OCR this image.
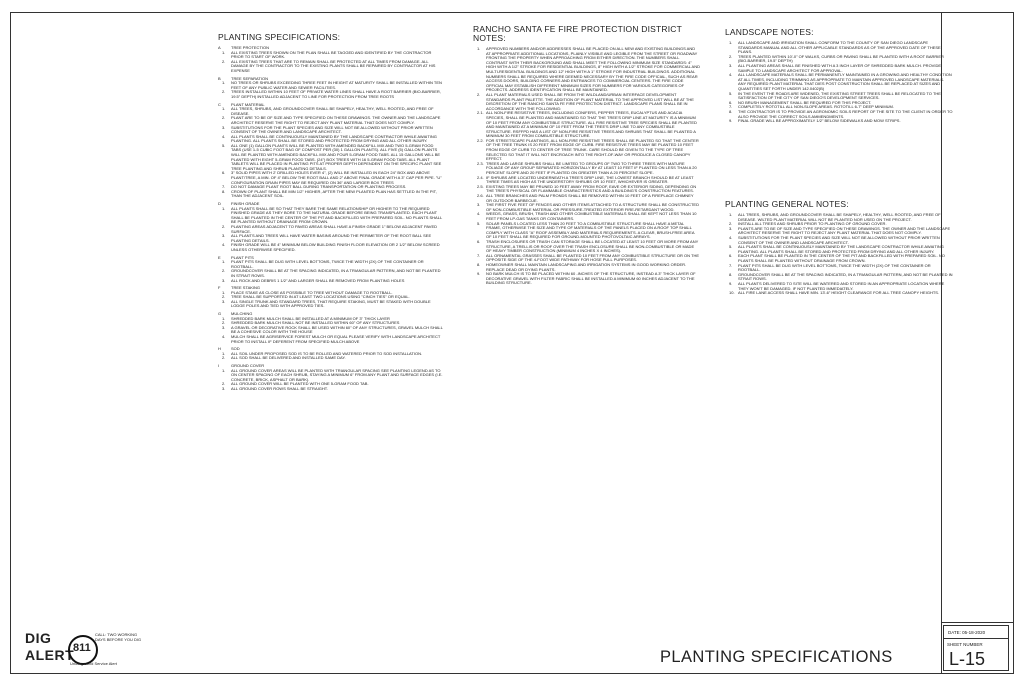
PLANTING SPECIFICATIONS:
A	TREE PROTECTION
1. ALL EXISTING TREES SHOWN ON THE PLAN SHALL BE TAGGED AND IDENTIFIED BY THE CONTRACTOR PRIOR TO START OF WORK.
2. ALL EXISTING TREES THAT ARE TO REMAIN SHALL BE PROTECTED AT ALL TIMES FROM DAMAGE. ALL DAMAGE BY THE CONTRACTOR TO THE EXISTING PLANTS SHALL BE REPAIRED BY CONTRACTOR AT HIS EXPENSE
B	TREE SEPARATION
1. NO TREES OR SHRUBS EXCEEDING THREE FEET IN HEIGHT AT MATURITY SHALL BE INSTALLED WITHIN TEN FEET OF ANY PUBLIC WATER AND SEWER FACILITIES.
2. TREES INSTALLED WITHIN 10 FEET OF PRIVATE WATER LINES SHALL HAVE A ROOT BARRIER (BIO-BARRIER, 19.5" DEPTH) INSTALLED ADJACENT TO LINE FOR PROTECTION FROM TREE ROOTS
C	PLANT MATERIAL
1. ALL TREES, SHRUBS, AND GROUNDCOVER SHALL BE SHAPELY, HEALTHY, WELL ROOTED, AND FREE OF DISEASE.
2. PLANT ARE TO BE OF SIZE AND TYPE SPECIFIED ON THESE DRAWINGS. THE OWNER AND THE LANDSCAPE ARCHITECT RESERVE THE RIGHT TO REJECT ANY PLANT MATERIAL THAT DOES NOT COMPLY.
3. SUBSTITUTIONS FOR THE PLANT SPECIES AND SIZE WILL NOT BE ALLOWED WITHOUT PRIOR WRITTEN CONSENT OF THE OWNER AND LANDSCAPE ARCHITECT.
4. ALL PLANTS SHALL BE CONTINUOUSLY MAINTAINED BY THE LANDSCAPE CONTRACTOR WHILE AWAITING PLANTING. ALL PLANTS SHALL BE STORED AND PROTECTED FROM DRYING AND ALL OTHER INJURY.
5. ALL ONE (1) GALLON PLANTS WILL BE PLANTED WITH AMENDED BACKFILL MIX AND TWO 5-GRAM FOOD TABS (USE 1-5 CUBIC FOOT BAG OF COMPOST PER (30) 1 GALLON PLANTS). ALL FIVE (5) GALLON PLANTS WILL BE PLANTED WITH AMENDED BACKFILL MIX AND FOUR 5-GRAM FOOD TABS. ALL 15 GALLONS WILL BE PLANTED WITH EIGHT 5-GRAM FOOD TABS. (24") BOX TREES WITH 16 5-GRAM FOOD TABS. ALL PLANT TABLETS WILL BE PLACED IN PLANTING PITS AT PROPER DEPTH DEPENDENT ON THE SPECIFIC PLANT SEE TREE PLANTING AND SHRUB PLANTING DETAILS.
6. 3" SOLID PIPES WITH 2' DRILLED HOLES EVER 4", (2) WILL BE INSTALLED IN EACH 24" BOX AND ABOVE PLANT/TREE, A MIN. OF 4" BELOW THE ROOT BALL AND 2" ABOVE FINAL GRADE WITH A 3" CAP PER PIPE. "U" CONFIGURATION DRAIN PIPES MAY BE REQUIRED ON 36" AND LARGER BOX TREES
7. DO NOT DAMAGE PLANT ROOT BALL DURING TRANSPORTATION OR PLANTING PROCESS.
8. CROWN OF PLANT SHALL BE MIN 1/2" HIGHER, AFTER THE NEW PLANTED PLAN HAS SETTLED IN THE PIT, THAN THE ADJACENT SOIL.
D	FINISH GRADE
1. ALL PLANTS SHALL BE SO THAT THEY BARE THE SAME RELATIONSHIP OR HIGHER TO THE REQUIRED FINISHED GRADE AS THEY BORE TO THE NATURAL GRADE BEFORE BEING TRANSPLANTED. EACH PLANT SHALL BE PLANTED IN THE CENTER OF THE PIT AND BACKFILLED WITH PREPARED SOIL. NO PLANTS SHALL BE PLANTED WITHOUT DRAINAGE FROM CROWN.
2. PLANTING AREAS ADJACENT TO PAVED AREAS SHALL HAVE A FINISH GRADE 1" BELOW ADJACENT PAVED SURFACE.
3. ALL PLANTS AND TREES WILL HAVE WATER BASINS AROUND THE PERIMETER OF THE ROOT BALL SEE PLANTING DETAILS.
4. FINISH GRADE WILL BE 4" MINIMUM BELOW BUILDING FINISH FLOOR ELEVATION OR 2 1/2" BELOW SCREED UNLESS OTHERWISE SPECIFIED.
E	PLANT PITS
1. PLANT PITS SHALL BE DUG WITH LEVEL BOTTOMS, TWICE THE WIDTH (2X) OF THE CONTAINER OR ROOTBALL.
2. GROUNDCOVER SHALL BE AT THE SPACING INDICATED, IN A TRIANGULAR PATTERN, AND NOT BE PLANTED IN STRAIT ROWS.
3. ALL ROCK AND DEBRIS 1 1/2" AND LARGER SHALL BE REMOVED FROM PLANTING HOLES
F	TREE STAKING
1. PLACE STAKE AS CLOSE AS POSSIBLE TO TREE WITHOUT DAMAGE TO ROOTBALL.
2. TREE SHALL BE SUPPORTED IN AT LEAST TWO LOCATIONS USING "CINCH TIES" OR EQUAL.
3. ALL SINGLE TRUNK AND STANDARD TREES, THAT REQUIRE STAKING, MUST BE STAKED WITH DOUBLE LODGE POLES AND TIED WITH APPROVED TIES.
G MULCHING
1. SHREDDED BARK MULCH SHALL BE INSTALLED AT A MINIMUM OF 3" THICK LAYER
2. SHREDDED BARK MULCH SHALL NOT BE INSTALLED WITHIN 60" OF ANY STRUCTURES
3. A GRAVEL OR DECORATIVE ROCK SHALL BE USED WITHIN 60" OF ANY STRUCTURES, GRAVEL MULCH SHALL BE A COHESIVE COLOR WITH THE HOUSE
4. MULCH SHALL BE AGRISERVICE FOREST MULCH OR EQUAL PLEASE VERIFY WITH LANDSCAPE ARCHITECT PRIOR TO INSTALL IF DEFERENT FROM SPECIFIED MULCH ABOVE
H	SOD
1. ALL SOIL UNDER PROPOSED SOD IS TO BE ROLLED AND WATERED PRIOR TO SOD INSTALLATION.
2. ALL SOD SHALL BE DELIVERED AND INSTALLED SAME DAY.
I	GROUND COVER
1. ALL GROUND COVER AREAS WILL BE PLANTED WITH TRIANGULAR SPACING SEE PLANTING LEGEND AS TO ON CENTER SPACING OF EACH SHRUB, STAYING A MINIMUM 6" FROM ANY PLANT AND SURFACE EDGES (I.E. CONCRETE, BRICK, ASPHALT OR BARK).
2. ALL GROUND COVER WILL BE PLANTED WITH ONE 5-GRAM FOOD TAB.
3. ALL GROUND COVER ROWS SHALL BE STRAIGHT.
RANCHO SANTA FE FIRE PROTECTION DISTRICT
NOTES:
1. APPROVED NUMBERS AND/OR ADDRESSES SHALL BE PLACED ON ALL NEW AND EXISTING BUILDINGS AND AT APPROPRIATE ADDITIONAL LOCATIONS, PLAINLY VISIBLE AND LEGIBLE FROM THE STREET OR ROADWAY FRONTING THE PROPERTY WHEN APPROACHING FROM EITHER DIRECTION. THE NUMBERS SHALL CONTRAST WITH THEIR BACKGROUND AND SHALL MEET THE FOLLOWING MINIMUM SIZE STANDARDS: 4" HIGH WITH A 1/2" STROKE FOR RESIDENTIAL BUILDINGS, 8" HIGH WITH A 1/2" STROKE FOR COMMERCIAL AND MULTI-RESIDENTIAL BUILDINGS AND 12" HIGH WITH A 1" STROKE FOR INDUSTRIAL BUILDINGS. ADDITIONAL NUMBERS SHALL BE REQUIRED WHERE DEEMED NECESSARY BY THE FIRE CODE OFFICIAL, SUCH AS REAR ACCESS DOORS, BUILDING CORNERS AND ENTRANCES TO COMMERCIAL CENTERS. THE FIRE CODE OFFICIAL MAY ESTABLISH DIFFERENT MINIMUM SIZES FOR NUMBERS FOR VARIOUS CATEGORIES OF PROJECTS. ADDRESS IDENTIFICATION SHALL BE MAINTAINED.
2. ALL PLANT MATERIALS USED SHALL BE FROM THE WILDLAND/URBAN INTERFACE DEVELOPMENT STANDARDS PLANT PALETTE. THE ADDITION OF PLANT MATERIAL TO THE APPROVED LIST WILL BE AT THE DISCRETION OF THE RANCHO SANTA FE FIRE PROTECTION DISTRICT. LANDSCAPE PLANS SHALL BE IN ACCORDANCE WITH THE FOLLOWING:
2.1. ALL NON-FIRE RESISTIVE TREES, INCLUDING CONIFERS, PEPPER TREES, EUCALYPTUS AND ACACIA SPECIES, SHALL BE PLANTED AND MAINTAINED SO THAT THE TREE'S DRIP LINE AT MATURITY IS A MINIMUM OF 10 FEET FROM ANY COMBUSTIBLE STRUCTURE. ALL FIRE RESISTIVE TREE SPECIES SHALL BE PLANTED AND MAINTAINED AT A MINIMUM OF 10 FEET FROM THE TREE'S DRIP LINE TO ANY COMBUSTIBLE STRUCTURE. RSFFPD HAS A LIST OF NON-FIRE RESISTIVE TREES AND SHRUBS THAT SHALL BE PLANTED A MINIMUM 30 FEET FROM COMBUSTIBLE STRUCTURE.
2.2. FOR STREETSCAPE PLANTINGS, ALL NON-FIRE RESISTIVE TREES SHALL BE PLANTED SO THAT THE CENTER OF THE TREE TRUNK IS 20 FEET FROM EDGE OF CURB. FIRE RESISTIVE TREES MAY BE PLANTED 10 FEET FROM EDGE OF CURB TO CENTER OF TREE TRUNK. CARE SHOULD BE GIVEN TO THE TYPE OF TREE SELECTED SO THAT IT WILL NOT ENCROACH INTO THE RIGHT-OF-WAY OR PRODUCE A CLOSED CANOPY EFFECT.
2.3. TREES AND LARGE SHRUBS SHALL BE LIMITED TO GROUPS OF TWO TO THREE TREES WITH MATURE FOLIAGE OF ANY GROUP SEPARATED HORIZONTALLY BY AT LEAST 10 FEET IF PLANTED ON LESS THAN A 20 PERCENT SLOPE AND 20 FEET IF PLANTED ON GREATER THAN A 20 PERCENT SLOPE.
2.4. IF SHRUBS ARE LOCATED UNDERNEATH A TREE'S DRIP LINE, THE LOWEST BRANCH SHOULD BE AT LEAST THREE TIMES AS HIGH AS THE UNDERSTORY SHRUBS OR 10 FEET, WHICHEVER IS GREATER.
2.5. EXISTING TREES MAY BE PRUNED 10 FEET AWAY FROM ROOF, EAVE OR EXTERIOR SIDING, DEPENDING ON THE TREE'S PHYSICAL OR FLAMMABLE CHARACTERISTICS AND A BUILDING'S CONSTRUCTION FEATURES.
2.6. ALL TREE BRANCHES AND PALM FRONDS SHALL BE REMOVED WITHIN 10 FEET OF A FIREPLACE CHIMNEY OR OUTDOOR BARBECUE.
3. THE FIRST FIVE FEET OF FENCES AND OTHER ITEMS ATTACHED TO A STRUCTURE SHALL BE CONSTRUCTED OF NON-COMBUSTIBLE MATERIAL OR PRESSURE-TREATED EXTERIOR FIRE-RETARDANT WOOD.
4. WEEDS, GRASS, BRUSH, TRASH AND OTHER COMBUSTIBLE MATERIALS SHALL BE KEPT NOT LESS THAN 10 FEET FROM LP-GAS TANKS OR CONTAINERS.
5. SOLAR PANELS LOCATED LESS THAN 20 FEET TO A COMBUSTIBLE STRUCTURE SHALL HAVE A METAL FRAME, OTHERWISE THE SIZE AND TYPE OF MATERIALS OF THE PANELS PLACED ON A ROOF TOP SHALL COMPLY WITH CLASS "A" ROOF ASSEMBLY AND MATERIALS REQUIREMENTS. A CLEAR, BRUSH-FREE AREA OF 10 FEET SHALL BE REQUIRED FOR GROUND-MOUNTED PHOTOVOLTAIC ARRAYS.
6. TRASH ENCLOSURES OR TRASH CAN STORAGE SHALL BE LOCATED AT LEAST 10 FEET OR MORE FROM ANY STRUCTURE, A TRELLIS OR ROOF OVER THE TRASH ENCLOSURE SHALL BE NON-COMBUSTIBLE OR MADE OF HEAVY TIMBER CONSTRUCTION (MINIMUM 4 INCHES X 4 INCHES).
7. ALL ORNAMENTAL GRASSES SHALL BE PLANTED 10 FEET FROM ANY COMBUSTIBLE STRUCTURE OR ON THE OPPOSITE SIDE OF THE 4-FOOT WIDE PATHWAY FOR HOSE PULL PURPOSES.
8. HOMEOWNER SHALL MAINTAIN LANDSCAPING AND IRRIGATION SYSTEMS IN GOOD WORKING ORDER. REPLACE DEAD OR DYING PLANTS.
9. NO BARK MULCH IS TO BE PLACED WITHIN 60 -INCHES OF THE STRUCTURE, INSTEAD A 3" THICK LAYER OF DECORATIVE GRAVEL WITH FILTER FABRIC SHALL BE INSTALLED A MINIMUM 60 INCHES ADJACENT TO THE BUILDING STRUCTURE.
LANDSCAPE NOTES:
1. ALL LANDSCAPE AND IRRIGATION SHALL CONFORM TO THE COUNTY OF SAN DIEGO LANDSCAPE STANDARDS MANUAL AND ALL OTHER APPLICABLE STANDARDS AS OF THE APPROVED DATE OF THESE PLANS.
2. TREES PLANTED WITHIN 10'-0" OF WALKS, CURBS OR PAVING SHALL BE PLANTED WITH A ROOT BARRIER (BIO-BARRIER, 19.5" DEPTH)
3. ALL PLANTING AREAS SHALL BE FINISHED WITH A 3 INCH LAYER OF SHREDDED BARK MULCH. PROVIDE SAMPLE TO LANDSCAPE ARCHITECT FOR APPROVAL.
4. ALL LANDSCAPE MATERIALS SHALL BE PERMANENTLY MAINTAINED IN A GROWING AND HEALTHY CONDITION AT ALL TIMES, INCLUDING TRIMMING AS APPROPRIATE TO MAINTAIN APPROVED LANDSCAPE MATERIALS. ANY REQUIRED PLANT MATERIAL THAT DIES POST CONSTRUCTION SHALL BE REPLACED AT SIZES AND QUANTITIES SET FORTH UNDER 142.0402(B)
5. IN THE EVENT THE ROADS ARE WIDENED, THE EXISTING STREET TREES SHALL BE RELOCATED TO THE SATISFACTION OF THE CITY OF SAN DIEGO'S DEVELOPMENT SERVICES.
6. NO BRUSH MANAGEMENT SHALL BE REQUIRED FOR THIS PROJECT.
7. COMPLETELY ROTOTILL ALL NON-SLOPE AREAS. ROTOTILL 6-7" DEEP MINIMUM.
8. THE CONTRACTOR IS TO PROVIDE AN AGRONOMIC SOILS REPORT OF THE SITE TO THE CLIENT IN ORDER TO ALSO PROVIDE THE CORRECT SOILS AMMENDMENTS.
9. FINAL GRADE WILL BE APPROXIMATELY 1/2" BELOW SIDEWALKS AND MOW STRIPS.
PLANTING GENERAL NOTES:
1. ALL TREES, SHRUBS, AND GROUNDCOVER SHALL BE SHAPELY, HEALTHY, WELL ROOTED, AND FREE OF DISEASE. WILTED PLANT MATERIAL WILL NOT BE PLANTED NOR USED ON THE PROJECT.
2. INSTALL ALL TREES AND SHRUBS PRIOR TO PLANTING OF GROUND COVER.
3. PLANTS ARE TO BE OF SIZE AND TYPE SPECIFIED ON THESE DRAWINGS. THE OWNER AND THE LANDSCAPE ARCHITECT RESERVE THE RIGHT TO REJECT ANY PLANT MATERIAL THAT DOES NOT COMPLY.
4. SUBSTITUTIONS FOR THE PLANT SPECIES AND SIZE WILL NOT BE ALLOWED WITHOUT PRIOR WRITTEN CONSENT OF THE OWNER AND LANDSCAPE ARCHITECT.
5. ALL PLANTS SHALL BE CONTINUOUSLY MAINTAINED BY THE LANDSCAPE CONTRACTOR WHILE AWAITING PLANTING. ALL PLANTS SHALL BE STORED AND PROTECTED FROM DRYING AND ALL OTHER INJURY.
6. EACH PLANT SHALL BE PLANTED IN THE CENTER OF THE PIT AND BACKFILLED WITH PREPARED SOIL. NO PLANTS SHALL BE PLANTED WITHOUT DRAINAGE FROM CROWN.
7. PLANT PITS SHALL BE DUG WITH LEVEL BOTTOMS, TWICE THE WIDTH (2X) OF THE CONTAINER OR ROOTBALL.
8. GROUNDCOVER SHALL BE AT THE SPACING INDICATED, IN A TRIANGULAR PATTERN, AND NOT BE PLANTED IN STRAIT ROWS.
9. ALL PLANTS DELIVERED TO SITE WILL BE WATERED AND STORED IN AN APPROPRIATE LOCATION WHERE THEY WON'T BE DAMAGED. IF NOT PLANTED IMMEDIATELY.
10. ALL FIRE LANE ACCESS SHALL HAVE MIN. 13'-6" HEIGHT CLEARANCE FOR ALL TREE CANOPY HEIGHTS.
DIG
ALERT
811
CALL: TWO WORKING DAYS BEFORE YOU DIG
Underground Service Alert	PLANTING SPECIFICATIONS
DATE: 05-18-2020
SHEET NUMBER
L-15
